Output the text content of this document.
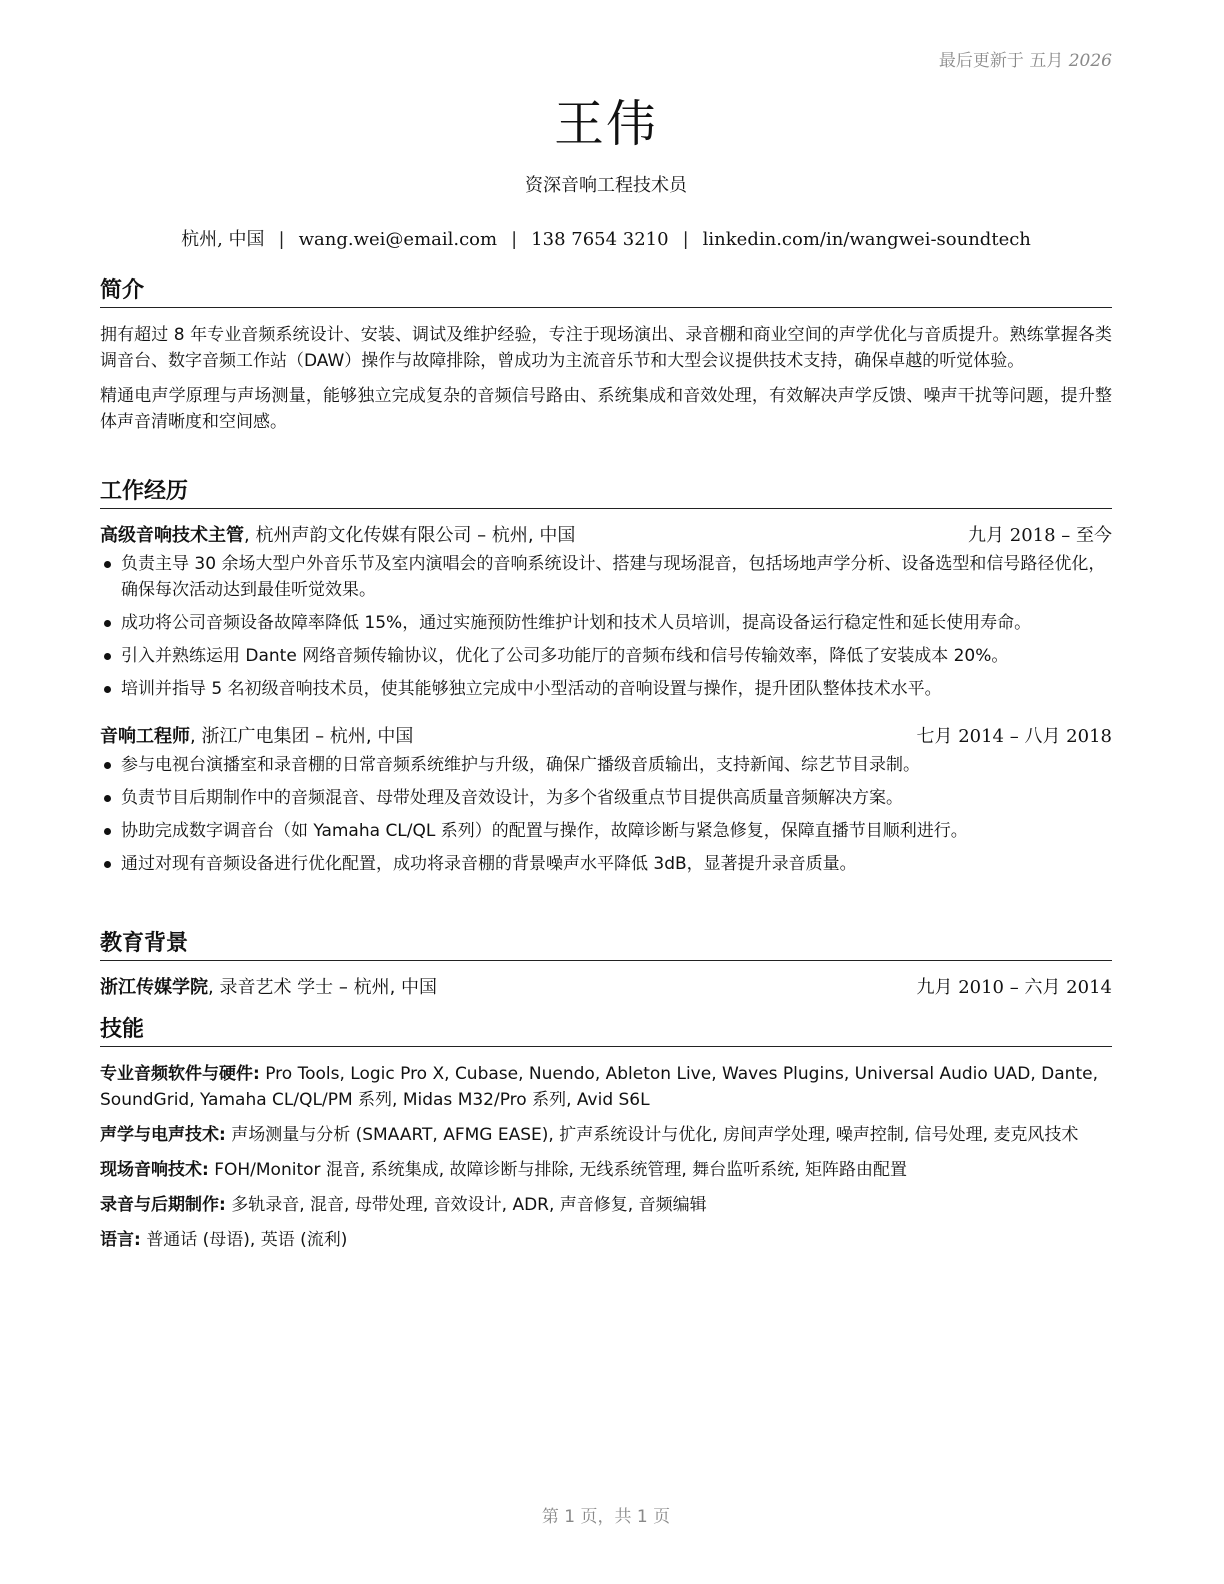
最后更新于 五月 2026
王伟
资深音响工程技术员
杭州, 中国 | wang.wei@email.com | 138 7654 3210 | linkedin.com/in/wangwei-soundtech
简介

拥有超过 8 年专业音频系统设计、安装、调试及维护经验，专注于现场演出、录音棚和商业空间的声学优化与音质提升。熟练掌握各类调音台、数字音频工作站（DAW）操作与故障排除，曾成功为主流音乐节和大型会议提供技术支持，确保卓越的听觉体验。

精通电声学原理与声场测量，能够独立完成复杂的音频信号路由、系统集成和音效处理，有效解决声学反馈、噪声干扰等问题，提升整体声音清晰度和空间感。

工作经历
高级音响技术主管, 杭州声韵文化传媒有限公司 – 杭州, 中国	九月 2018 – 至今
负责主导 30 余场大型户外音乐节及室内演唱会的音响系统设计、搭建与现场混音，包括场地声学分析、设备选型和信号路径优化，确保每次活动达到最佳听觉效果。
成功将公司音频设备故障率降低 15%，通过实施预防性维护计划和技术人员培训，提高设备运行稳定性和延长使用寿命。
引入并熟练运用 Dante 网络音频传输协议，优化了公司多功能厅的音频布线和信号传输效率，降低了安装成本 20%。
培训并指导 5 名初级音响技术员，使其能够独立完成中小型活动的音响设置与操作，提升团队整体技术水平。
音响工程师, 浙江广电集团 – 杭州, 中国	七月 2014 – 八月 2018
参与电视台演播室和录音棚的日常音频系统维护与升级，确保广播级音质输出，支持新闻、综艺节目录制。
负责节目后期制作中的音频混音、母带处理及音效设计，为多个省级重点节目提供高质量音频解决方案。
协助完成数字调音台（如 Yamaha CL/QL 系列）的配置与操作，故障诊断与紧急修复，保障直播节目顺利进行。
通过对现有音频设备进行优化配置，成功将录音棚的背景噪声水平降低 3dB，显著提升录音质量。
教育背景
浙江传媒学院, 录音艺术 学士 – 杭州, 中国	九月 2010 – 六月 2014
技能
专业音频软件与硬件: Pro Tools, Logic Pro X, Cubase, Nuendo, Ableton Live, Waves Plugins, Universal Audio UAD, Dante, SoundGrid, Yamaha CL/QL/PM 系列, Midas M32/Pro 系列, Avid S6L
声学与电声技术: 声场测量与分析 (SMAART, AFMG EASE), 扩声系统设计与优化, 房间声学处理, 噪声控制, 信号处理, 麦克风技术
现场音响技术: FOH/Monitor 混音, 系统集成, 故障诊断与排除, 无线系统管理, 舞台监听系统, 矩阵路由配置
录音与后期制作: 多轨录音, 混音, 母带处理, 音效设计, ADR, 声音修复, 音频编辑
语言: 普通话 (母语), 英语 (流利)
第 1 页，共 1 页
